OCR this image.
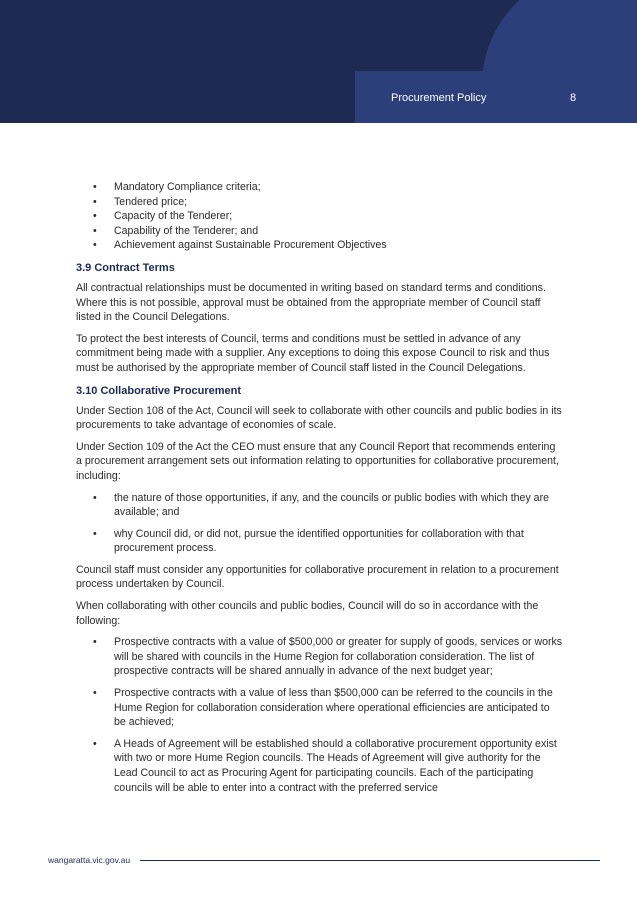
Procurement Policy	8
• Mandatory Compliance criteria;
• Tendered price;
• Capacity of the Tenderer;
• Capability of the Tenderer; and
• Achievement against Sustainable Procurement Objectives
3.9 Contract Terms

All contractual relationships must be documented in writing based on standard terms and conditions. Where this is not possible, approval must be obtained from the appropriate member of Council staff listed in the Council Delegations.

To protect the best interests of Council, terms and conditions must be settled in advance of any commitment being made with a supplier. Any exceptions to doing this expose Council to risk and thus must be authorised by the appropriate member of Council staff listed in the Council Delegations.

3.10 Collaborative Procurement

Under Section 108 of the Act, Council will seek to collaborate with other councils and public bodies in its procurements to take advantage of economies of scale.

Under Section 109 of the Act the CEO must ensure that any Council Report that recommends entering a procurement arrangement sets out information relating to opportunities for collaborative procurement, including:

• the nature of those opportunities, if any, and the councils or public bodies with which they are available; and
• why Council did, or did not, pursue the identified opportunities for collaboration with that procurement process.

Council staff must consider any opportunities for collaborative procurement in relation to a procurement process undertaken by Council.

When collaborating with other councils and public bodies, Council will do so in accordance with the following:

• Prospective contracts with a value of $500,000 or greater for supply of goods, services or works will be shared with councils in the Hume Region for collaboration consideration. The list of prospective contracts will be shared annually in advance of the next budget year;
• Prospective contracts with a value of less than $500,000 can be referred to the councils in the Hume Region for collaboration consideration where operational efficiencies are anticipated to be achieved;
• A Heads of Agreement will be established should a collaborative procurement opportunity exist with two or more Hume Region councils. The Heads of Agreement will give authority for the Lead Council to act as Procuring Agent for participating councils. Each of the participating councils will be able to enter into a contract with the preferred service
wangaratta.vic.gov.au
